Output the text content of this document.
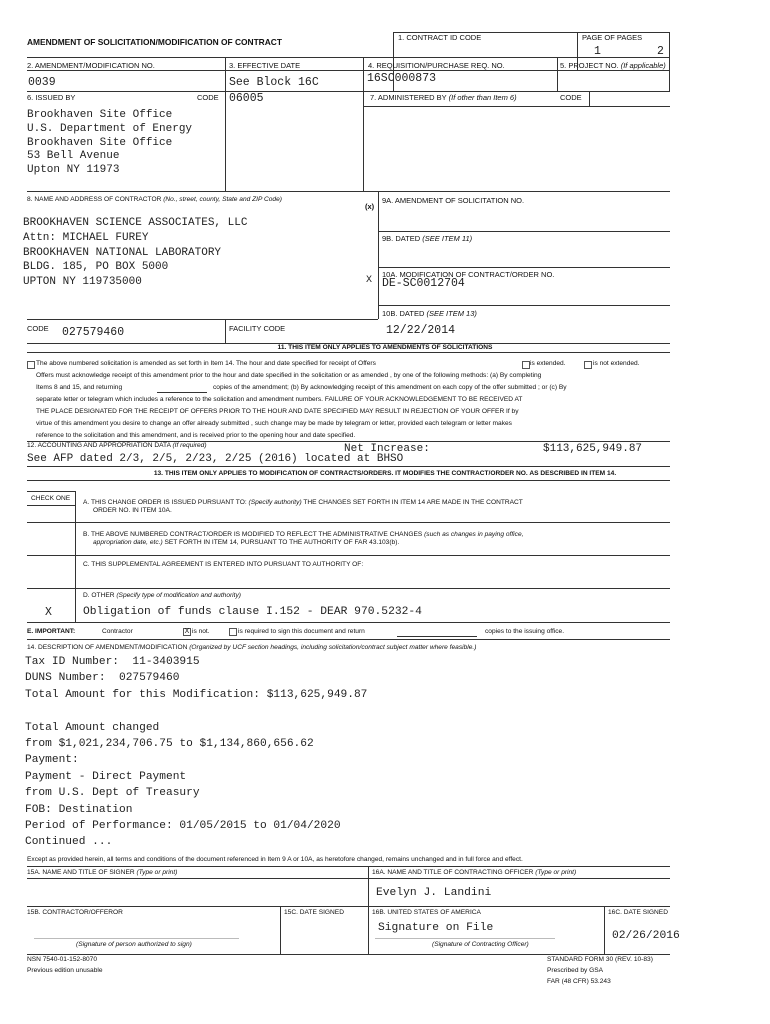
AMENDMENT OF SOLICITATION/MODIFICATION OF CONTRACT	1. CONTRACT ID CODE	PAGE OF PAGES
1	2
2. AMENDMENT/MODIFICATION NO.
0039
3. EFFECTIVE DATE
See Block 16C
4. REQUISITION/PURCHASE REQ. NO.
16SC000873
5. PROJECT NO. (If applicable)
6. ISSUED BY	CODE 06005	7. ADMINISTERED BY (If other than Item 6)	CODE
Brookhaven Site Office
U.S. Department of Energy
Brookhaven Site Office
53 Bell Avenue
Upton NY 11973
8. NAME AND ADDRESS OF CONTRACTOR (No., street, county, State and ZIP Code)
BROOKHAVEN SCIENCE ASSOCIATES, LLC
Attn: MICHAEL FUREY
BROOKHAVEN NATIONAL LABORATORY
BLDG. 185, PO BOX 5000
UPTON NY 119735000
(x)
9A. AMENDMENT OF SOLICITATION NO.
9B. DATED (SEE ITEM 11)
X
10A. MODIFICATION OF CONTRACT/ORDER NO.
DE-SC0012704
10B. DATED (SEE ITEM 13)
CODE 027579460	FACILITY CODE	12/22/2014
11. THIS ITEM ONLY APPLIES TO AMENDMENTS OF SOLICITATIONS
The above numbered solicitation is amended as set forth in Item 14. The hour and date specified for receipt of Offers	is extended.	is not extended.
Offers must acknowledge receipt of this amendment prior to the hour and date specified in the solicitation or as amended , by one of the following methods: (a) By completing
Items 8 and 15, and returning	copies of the amendment; (b) By acknowledging receipt of this amendment on each copy of the offer submitted ; or (c) By
separate letter or telegram which includes a reference to the solicitation and amendment numbers. FAILURE OF YOUR ACKNOWLEDGEMENT TO BE RECEIVED AT
THE PLACE DESIGNATED FOR THE RECEIPT OF OFFERS PRIOR TO THE HOUR AND DATE SPECIFIED MAY RESULT IN REJECTION OF YOUR OFFER If by
virtue of this amendment you desire to change an offer already submitted , such change may be made by telegram or letter, provided each telegram or letter makes
reference to the solicitation and this amendment, and is received prior to the opening hour and date specified.
12. ACCOUNTING AND APPROPRIATION DATA (If required)	Net Increase:	$113,625,949.87
See AFP dated 2/3, 2/5, 2/23, 2/25 (2016) located at BHSO
13. THIS ITEM ONLY APPLIES TO MODIFICATION OF CONTRACTS/ORDERS. IT MODIFIES THE CONTRACT/ORDER NO. AS DESCRIBED IN ITEM 14.
CHECK ONE
A. THIS CHANGE ORDER IS ISSUED PURSUANT TO: (Specify authority) THE CHANGES SET FORTH IN ITEM 14 ARE MADE IN THE CONTRACT
ORDER NO. IN ITEM 10A.
B. THE ABOVE NUMBERED CONTRACT/ORDER IS MODIFIED TO REFLECT THE ADMINISTRATIVE CHANGES (such as changes in paying office,
appropriation date, etc.) SET FORTH IN ITEM 14, PURSUANT TO THE AUTHORITY OF FAR 43.103(b).
C. THIS SUPPLEMENTAL AGREEMENT IS ENTERED INTO PURSUANT TO AUTHORITY OF:
D. OTHER (Specify type of modification and authority)
X	Obligation of funds clause I.152 - DEAR 970.5232-4
E. IMPORTANT:	Contractor	X is not.	is required to sign this document and return	copies to the issuing office.
14. DESCRIPTION OF AMENDMENT/MODIFICATION (Organized by UCF section headings, including solicitation/contract subject matter where feasible.)
Tax ID Number:  11-3403915
DUNS Number:  027579460
Total Amount for this Modification: $113,625,949.87

Total Amount changed
from $1,021,234,706.75 to $1,134,860,656.62
Payment:
Payment - Direct Payment
from U.S. Dept of Treasury
FOB: Destination
Period of Performance: 01/05/2015 to 01/04/2020
Continued ...
Except as provided herein, all terms and conditions of the document referenced in Item 9 A or 10A, as heretofore changed, remains unchanged and in full force and effect.
15A. NAME AND TITLE OF SIGNER (Type or print)	16A. NAME AND TITLE OF CONTRACTING OFFICER (Type or print)
Evelyn J. Landini
15B. CONTRACTOR/OFFEROR	15C. DATE SIGNED	16B. UNITED STATES OF AMERICA	16C. DATE SIGNED
Signature on File
02/26/2016
(Signature of person authorized to sign)	(Signature of Contracting Officer)
NSN 7540-01-152-8070
Previous edition unusable
STANDARD FORM 30 (REV. 10-83)
Prescribed by GSA
FAR (48 CFR) 53.243
